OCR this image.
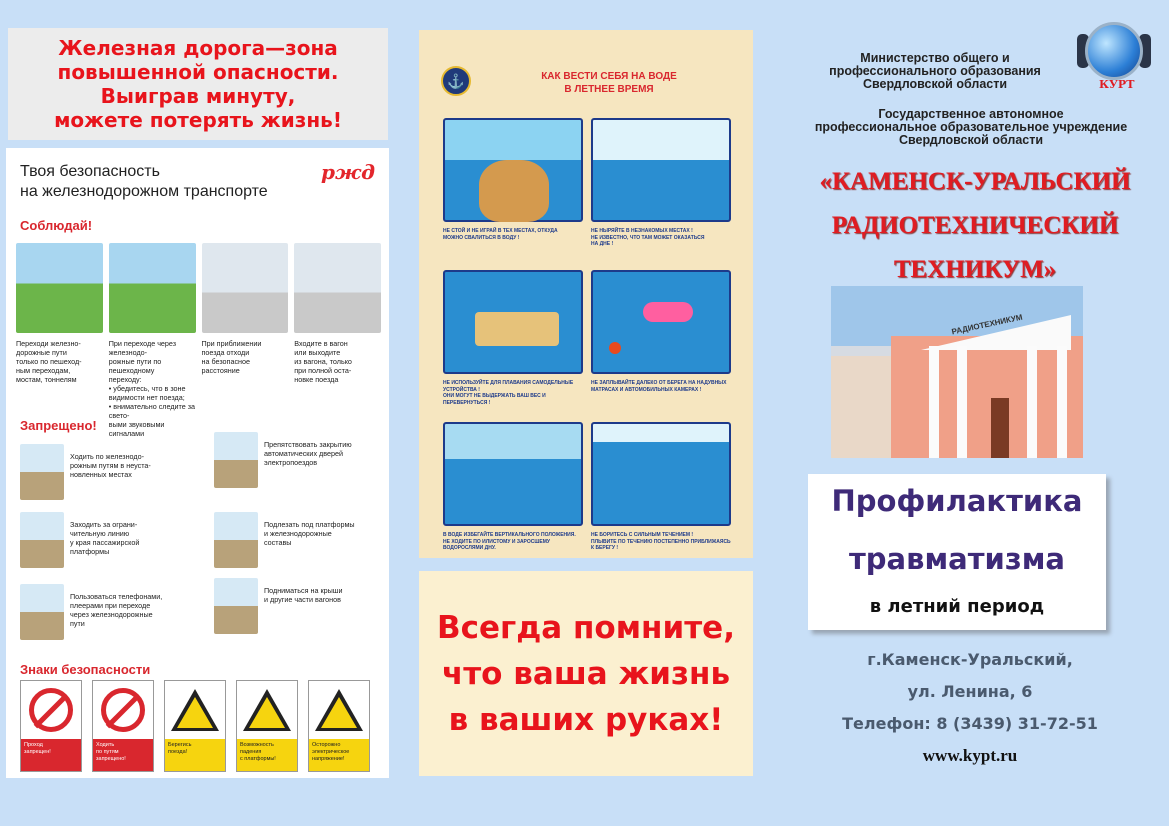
Железная дорога—зона
повышенной опасности.
Выиграв минуту,
можете потерять жизнь!

Твоя безопасность
на железнодорожном транспорте
ржд
Соблюдай!
Переходи железно-
дорожные пути
только по пешеход-
ным переходам,
мостам, тоннелям
При переходе через железнодо-
рожные пути по пешеходному
переходу:
• убедитесь, что в зоне
видимости нет поезда;
• внимательно следите за свето-
выми звуковыми сигналами
При приближении
поезда отходи
на безопасное
расстояние
Входите в вагон
или выходите
из вагона, только
при полной оста-
новке поезда
Запрещено!
Ходить по железнодо-
рожным путям в неуста-
новленных местах
Препятствовать закрытию
автоматических дверей
электропоездов
Заходить за ограни-
чительную линию
у края пассажирской
платформы
Подлезать под платформы
и железнодорожные
составы
Пользоваться телефонами,
плеерами при переходе
через железнодорожные
пути
Подниматься на крыши
и другие части вагонов
Знаки безопасности
Проход
запрещен!
Ходить
по путям
запрещено!
Берегись
поезда!
Возможность
падения
с платформы!
Осторожно
электрическое
напряжение!
⚓	КАК ВЕСТИ СЕБЯ НА ВОДЕ
В ЛЕТНЕЕ ВРЕМЯ
НЕ СТОЙ И НЕ ИГРАЙ В ТЕХ МЕСТАХ, ОТКУДА
МОЖНО СВАЛИТЬСЯ В ВОДУ !
НЕ НЫРЯЙТЕ В НЕЗНАКОМЫХ МЕСТАХ !
НЕ ИЗВЕСТНО, ЧТО ТАМ МОЖЕТ ОКАЗАТЬСЯ
НА ДНЕ !
НЕ ИСПОЛЬЗУЙТЕ ДЛЯ ПЛАВАНИЯ САМОДЕЛЬНЫЕ
УСТРОЙСТВА !
ОНИ МОГУТ НЕ ВЫДЕРЖАТЬ ВАШ ВЕС И
ПЕРЕВЕРНУТЬСЯ !
НЕ ЗАПЛЫВАЙТЕ ДАЛЕКО ОТ БЕРЕГА НА НАДУВНЫХ
МАТРАСАХ И АВТОМОБИЛЬНЫХ КАМЕРАХ !
В ВОДЕ ИЗБЕГАЙТЕ ВЕРТИКАЛЬНОГО ПОЛОЖЕНИЯ.
НЕ ХОДИТЕ ПО ИЛИСТОМУ И ЗАРОСШЕМУ
ВОДОРОСЛЯМИ ДНУ.
НЕ БОРИТЕСЬ С СИЛЬНЫМ ТЕЧЕНИЕМ !
ПЛЫВИТЕ ПО ТЕЧЕНИЮ ПОСТЕПЕННО ПРИБЛИЖАЯСЬ
К БЕРЕГУ !

Всегда помните,
что ваша жизнь
в ваших руках!

Министерство общего и
профессионального образования
Свердловской области	КУРТ
Государственное автономное
профессиональное образовательное учреждение
Свердловской области
«КАМЕНСК-УРАЛЬСКИЙ
РАДИОТЕХНИЧЕСКИЙ
ТЕХНИКУМ»
РАДИОТЕХНИКУМ
Профилактика
травматизма
в летний период
г.Каменск-Уральский,
ул. Ленина, 6
Телефон: 8 (3439) 31-72-51
www.kypt.ru
